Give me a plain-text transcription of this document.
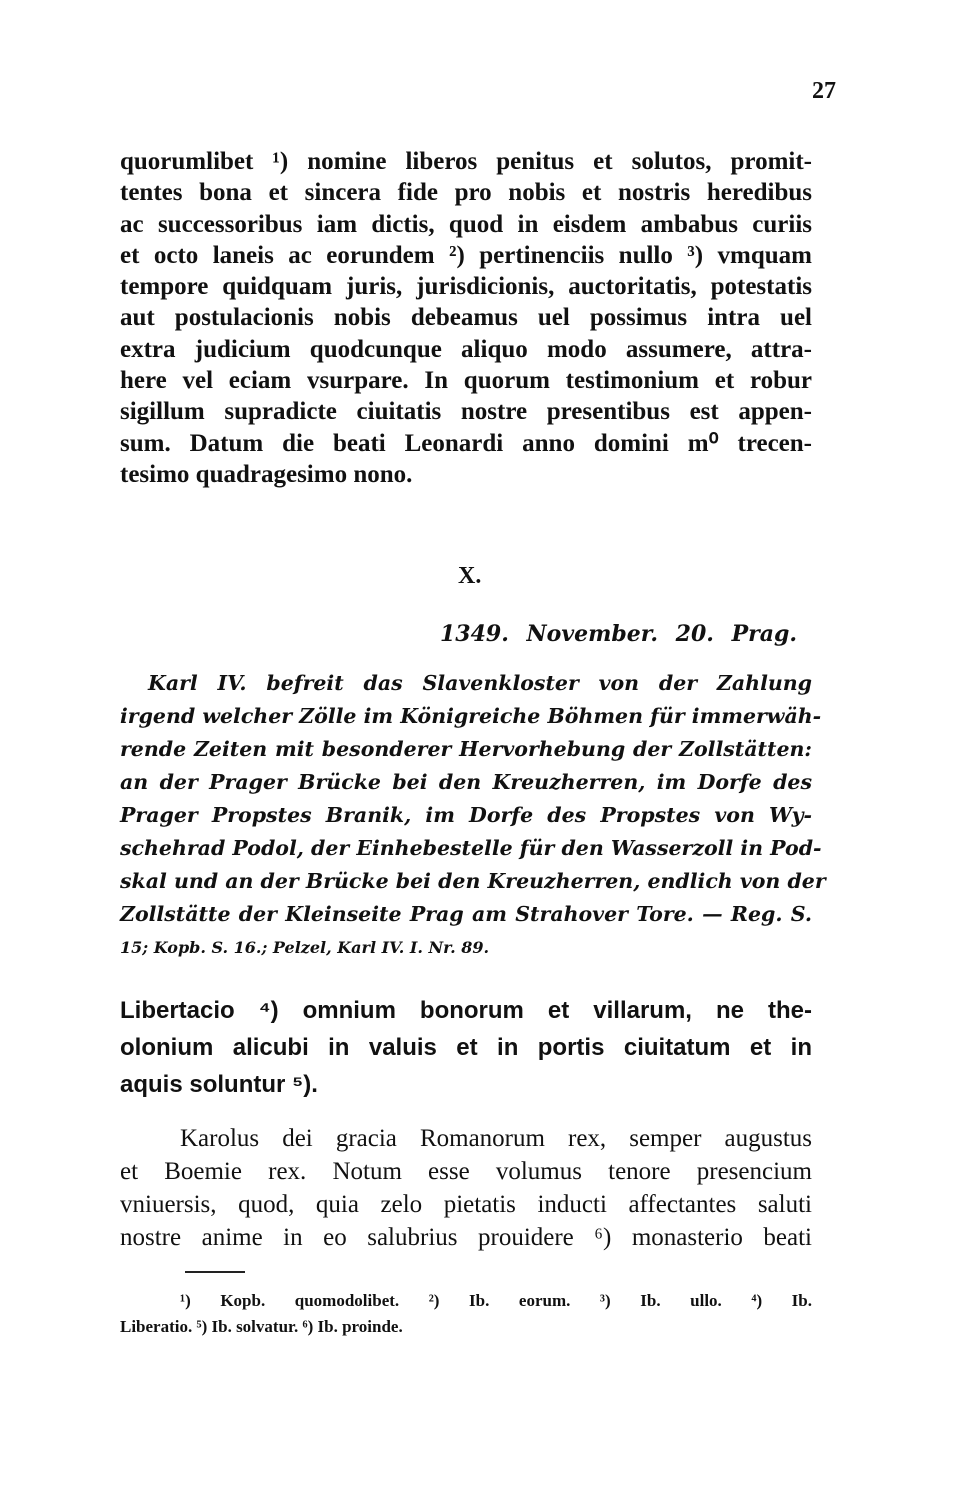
27
quorumlibet ¹) nomine liberos penitus et solutos, promit-
tentes bona et sincera fide pro nobis et nostris heredibus
ac successoribus iam dictis, quod in eisdem ambabus curiis
et octo laneis ac eorundem ²) pertinenciis nullo ³) vmquam
tempore quidquam juris, jurisdicionis, auctoritatis, potestatis
aut postulacionis nobis debeamus uel possimus intra uel
extra judicium quodcunque aliquo modo assumere, attra-
here vel eciam vsurpare. In quorum testimonium et robur
sigillum supradicte ciuitatis nostre presentibus est appen-
sum. Datum die beati Leonardi anno domini m⁰ trecen-
tesimo quadragesimo nono.
X.
1349. November. 20. Prag.
Karl IV. befreit das Slavenkloster von der Zahlung
irgend welcher Zölle im Königreiche Böhmen für immerwäh-
rende Zeiten mit besonderer Hervorhebung der Zollstätten:
an der Prager Brücke bei den Kreuzherren, im Dorfe des
Prager Propstes Branik, im Dorfe des Propstes von Wy-
schehrad Podol, der Einhebestelle für den Wasserzoll in Pod-
skal und an der Brücke bei den Kreuzherren, endlich von der
Zollstätte der Kleinseite Prag am Strahover Tore. — Reg. S.
15; Kopb. S. 16.; Pelzel, Karl IV. I. Nr. 89.
Libertacio ⁴) omnium bonorum et villarum, ne the-
olonium alicubi in valuis et in portis ciuitatum et in
aquis soluntur ⁵).
Karolus dei gracia Romanorum rex, semper augustus
et Boemie rex. Notum esse volumus tenore presencium
vniuersis, quod, quia zelo pietatis inducti affectantes saluti
nostre anime in eo salubrius prouidere ⁶) monasterio beati
¹) Kopb. quomodolibet. ²) Ib. eorum. ³) Ib. ullo. ⁴) Ib.
Liberatio. ⁵) Ib. solvatur. ⁶) Ib. proinde.
